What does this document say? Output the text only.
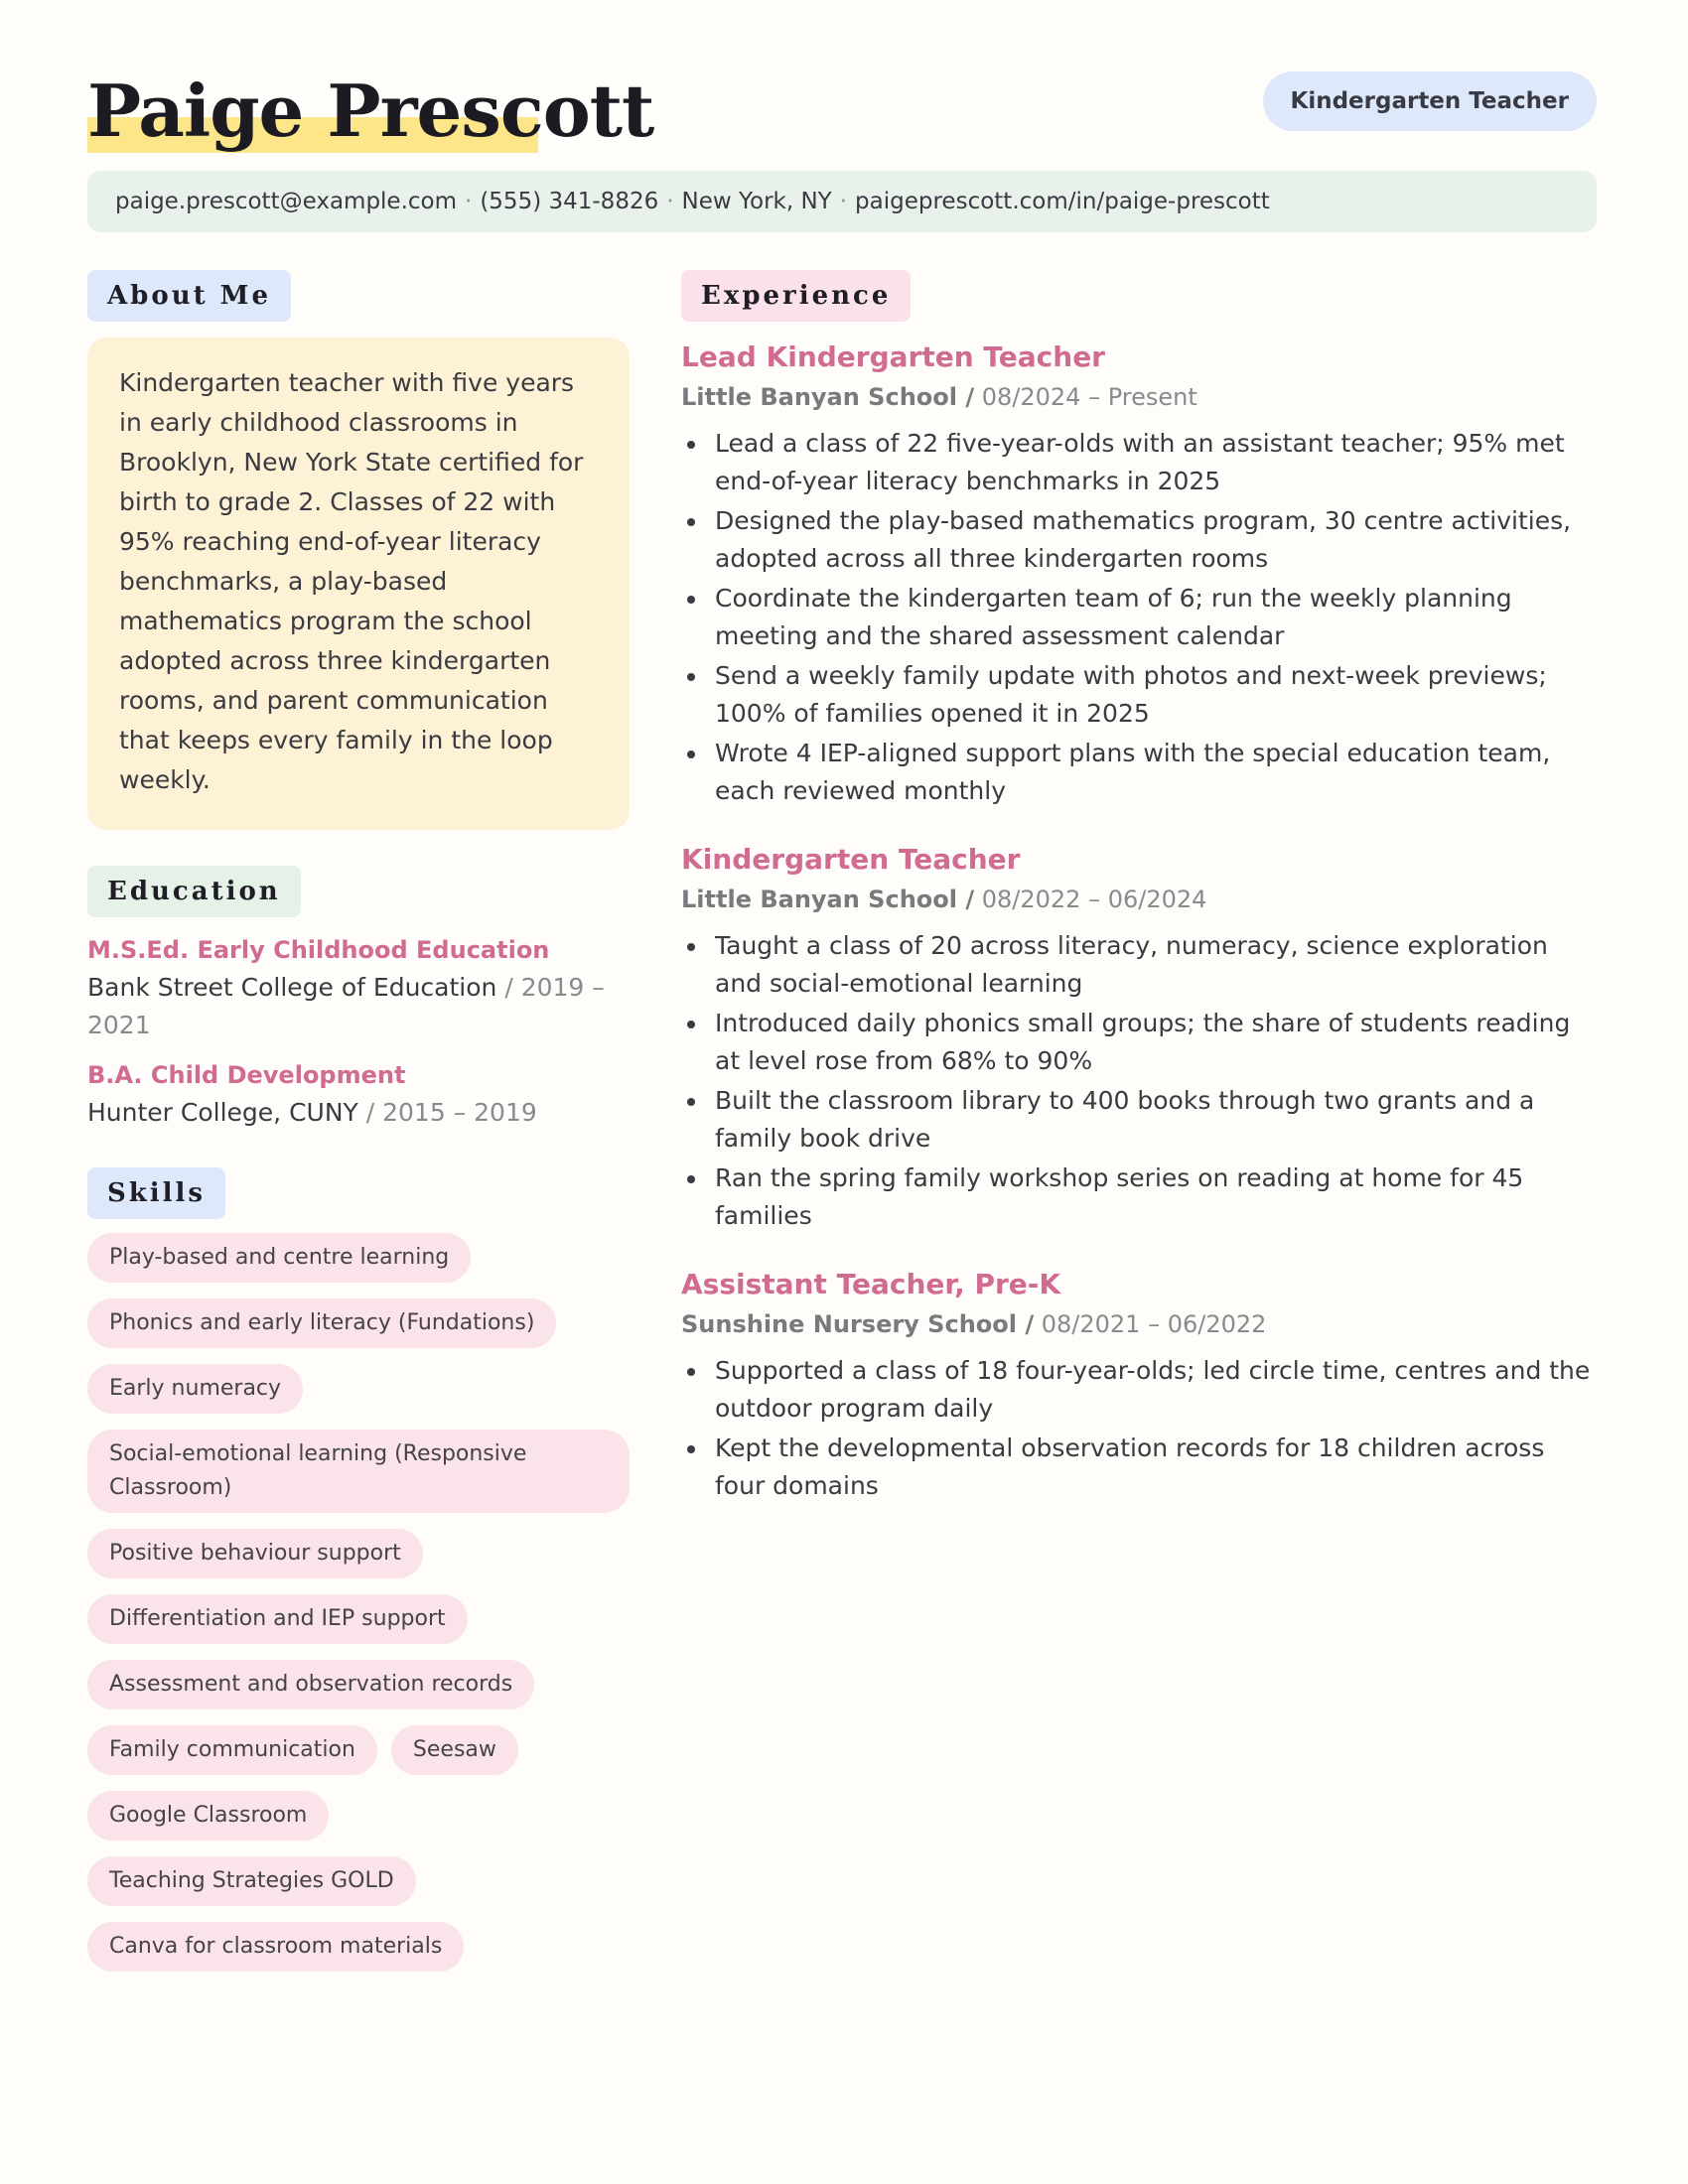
Paige Prescott	Kindergarten Teacher
paige.prescott@example.com · (555) 341-8826 · New York, NY · paigeprescott.com/in/paige-prescott
About Me
Kindergarten teacher with five years in early childhood classrooms in Brooklyn, New York State certified for birth to grade 2. Classes of 22 with 95% reaching end-of-year literacy benchmarks, a play-based mathematics program the school adopted across three kindergarten rooms, and parent communication that keeps every family in the loop weekly.
Education
M.S.Ed. Early Childhood Education
Bank Street College of Education / 2019 – 2021
B.A. Child Development
Hunter College, CUNY / 2015 – 2019
Skills
Play-based and centre learning
Phonics and early literacy (Fundations)
Early numeracy
Social-emotional learning (Responsive Classroom)
Positive behaviour support
Differentiation and IEP support
Assessment and observation records
Family communication	Seesaw
Google Classroom
Teaching Strategies GOLD
Canva for classroom materials
Experience
Lead Kindergarten Teacher
Little Banyan School / 08/2024 – Present
Lead a class of 22 five-year-olds with an assistant teacher; 95% met end-of-year literacy benchmarks in 2025
Designed the play-based mathematics program, 30 centre activities, adopted across all three kindergarten rooms
Coordinate the kindergarten team of 6; run the weekly planning meeting and the shared assessment calendar
Send a weekly family update with photos and next-week previews; 100% of families opened it in 2025
Wrote 4 IEP-aligned support plans with the special education team, each reviewed monthly
Kindergarten Teacher
Little Banyan School / 08/2022 – 06/2024
Taught a class of 20 across literacy, numeracy, science exploration and social-emotional learning
Introduced daily phonics small groups; the share of students reading at level rose from 68% to 90%
Built the classroom library to 400 books through two grants and a family book drive
Ran the spring family workshop series on reading at home for 45 families
Assistant Teacher, Pre-K
Sunshine Nursery School / 08/2021 – 06/2022
Supported a class of 18 four-year-olds; led circle time, centres and the outdoor program daily
Kept the developmental observation records for 18 children across four domains
